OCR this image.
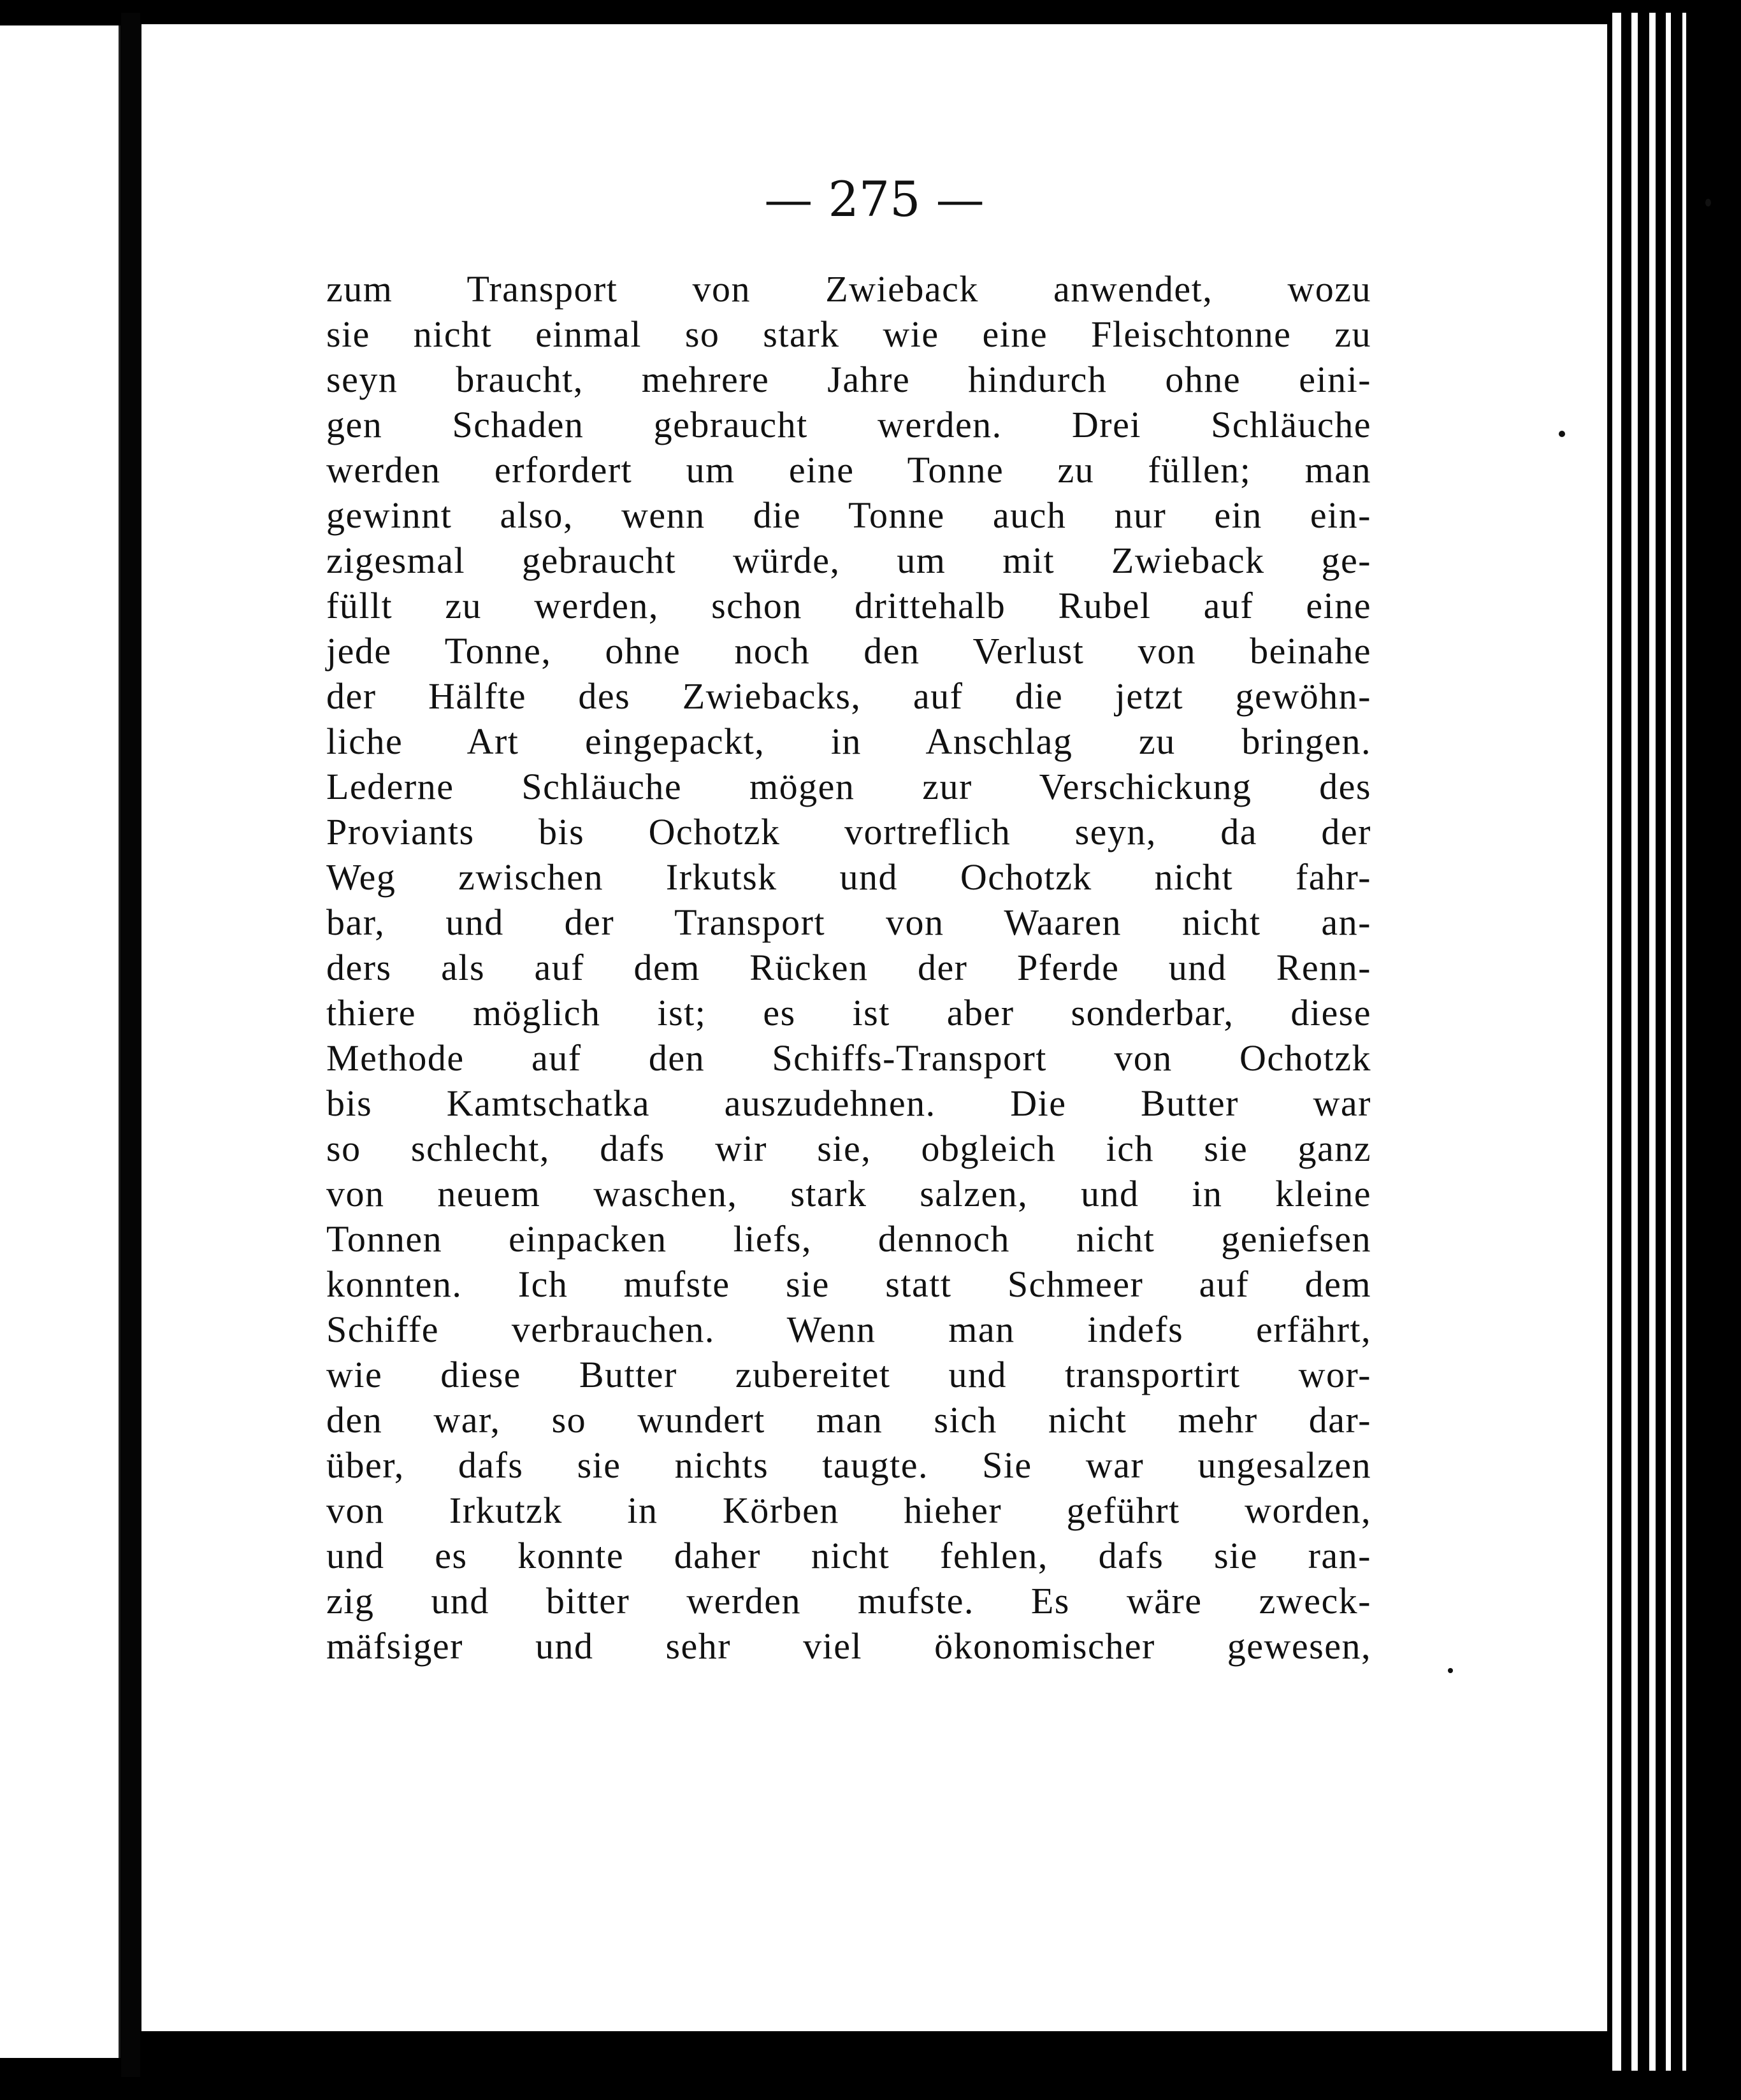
— 275 —

zum Transport von Zwieback anwendet, wozu

sie nicht einmal so stark wie eine Fleischtonne zu

seyn braucht, mehrere Jahre hindurch ohne eini-

gen Schaden gebraucht werden. Drei Schläuche

werden erfordert um eine Tonne zu füllen; man

gewinnt also, wenn die Tonne auch nur ein ein-

zigesmal gebraucht würde, um mit Zwieback ge-

füllt zu werden, schon drittehalb Rubel auf eine

jede Tonne, ohne noch den Verlust von beinahe

der Hälfte des Zwiebacks, auf die jetzt gewöhn-

liche Art eingepackt, in Anschlag zu bringen.

Lederne Schläuche mögen zur Verschickung des

Proviants bis Ochotzk vortreflich seyn, da der

Weg zwischen Irkutsk und Ochotzk nicht fahr-

bar, und der Transport von Waaren nicht an-

ders als auf dem Rücken der Pferde und Renn-

thiere möglich ist; es ist aber sonderbar, diese

Methode auf den Schiffs-Transport von Ochotzk

bis Kamtschatka auszudehnen. Die Butter war

so schlecht, dafs wir sie, obgleich ich sie ganz

von neuem waschen, stark salzen, und in kleine

Tonnen einpacken liefs, dennoch nicht geniefsen

konnten. Ich mufste sie statt Schmeer auf dem

Schiffe verbrauchen. Wenn man indefs erfährt,

wie diese Butter zubereitet und transportirt wor-

den war, so wundert man sich nicht mehr dar-

über, dafs sie nichts taugte. Sie war ungesalzen

von Irkutzk in Körben hieher geführt worden,

und es konnte daher nicht fehlen, dafs sie ran-

zig und bitter werden mufste. Es wäre zweck-

mäfsiger und sehr viel ökonomischer gewesen,
